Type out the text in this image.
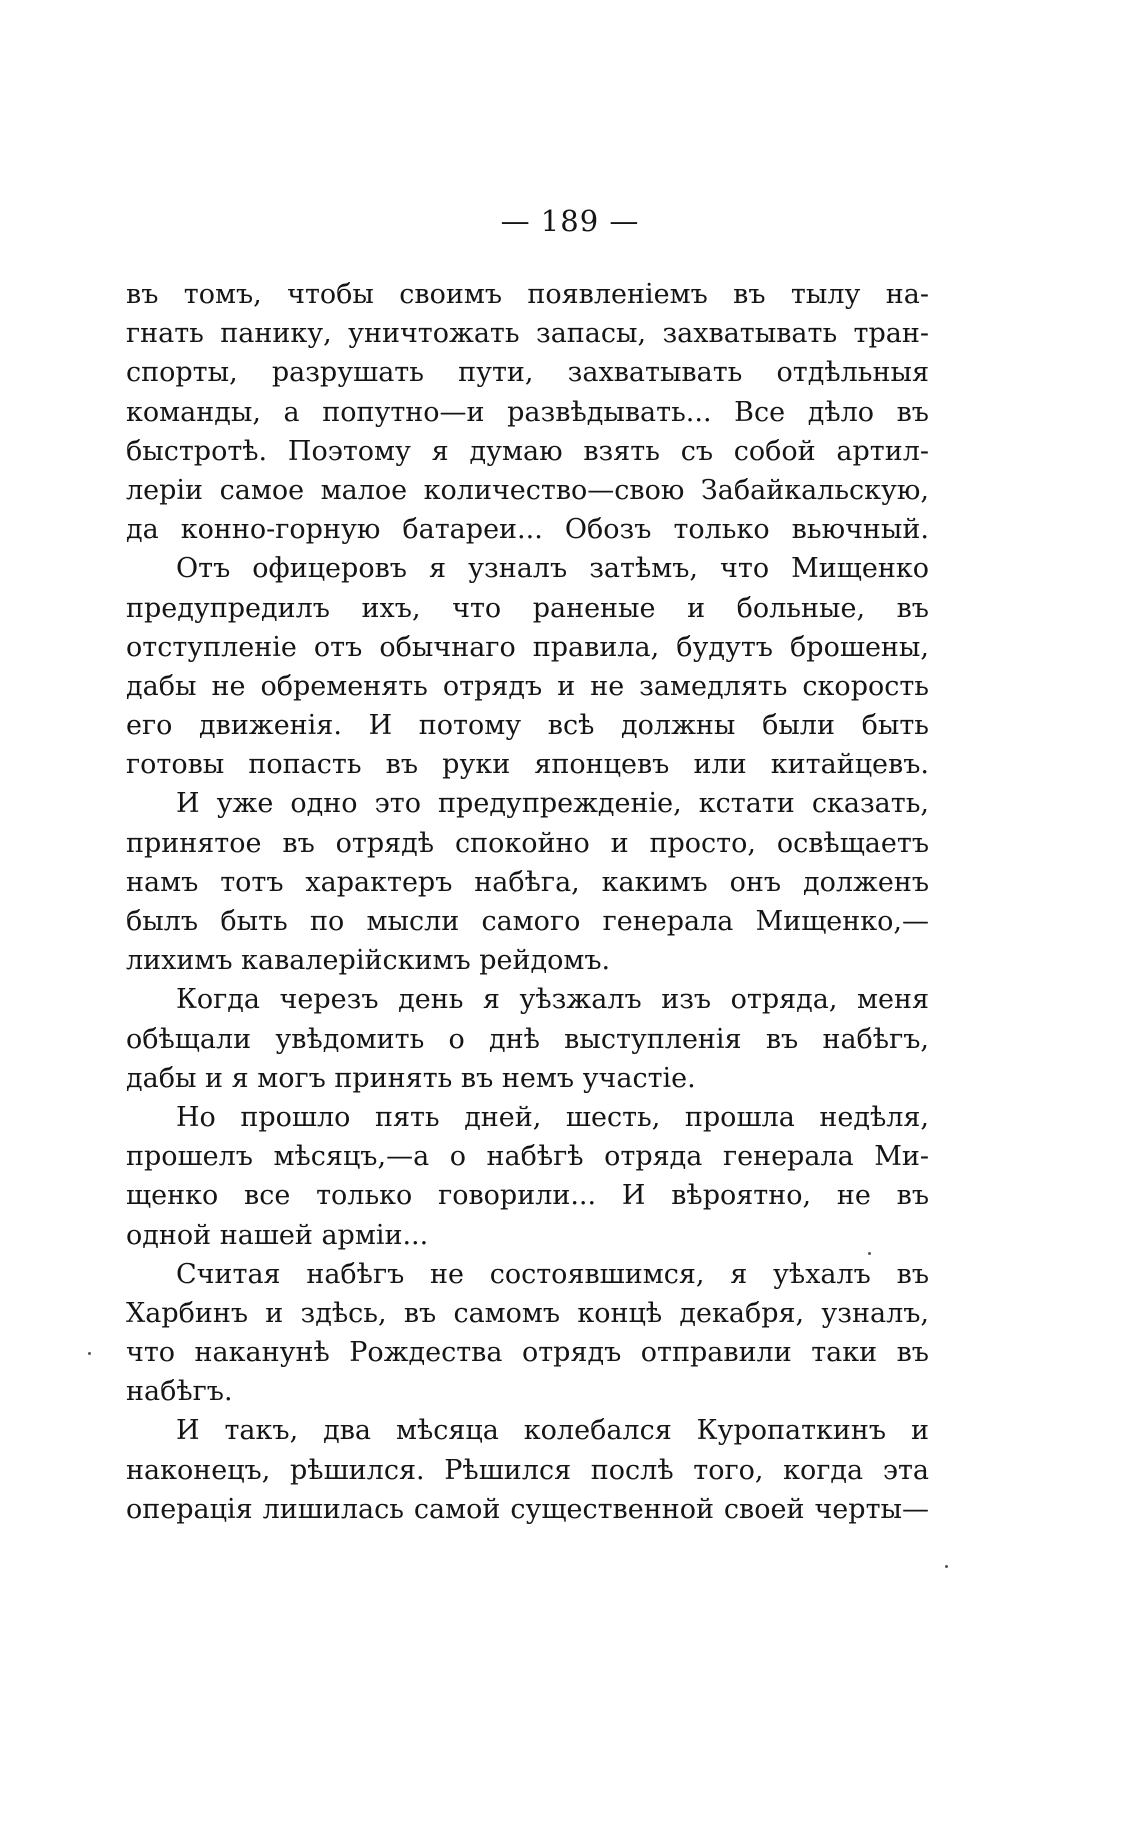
— 189 —
въ томъ, чтобы своимъ появленіемъ въ тылу на-
гнать панику, уничтожать запасы, захватывать тран-
спорты, разрушать пути, захватывать отдѣльныя
команды, а попутно—и развѣдывать... Все дѣло въ
быстротѣ. Поэтому я думаю взять съ собой артил-
леріи самое малое количество—свою Забайкальскую,
да конно-горную батареи... Обозъ только вьючный.
Отъ офицеровъ я узналъ затѣмъ, что Мищенко
предупредилъ ихъ, что раненые и больные, въ
отступленіе отъ обычнаго правила, будутъ брошены,
дабы не обременять отрядъ и не замедлять скорость
его движенія. И потому всѣ должны были быть
готовы попасть въ руки японцевъ или китайцевъ.
И уже одно это предупрежденіе, кстати сказать,
принятое въ отрядѣ спокойно и просто, освѣщаетъ
намъ тотъ характеръ набѣга, какимъ онъ долженъ
былъ быть по мысли самого генерала Мищенко,—
лихимъ кавалерійскимъ рейдомъ.
Когда черезъ день я уѣзжалъ изъ отряда, меня
обѣщали увѣдомить о днѣ выступленія въ набѣгъ,
дабы и я могъ принять въ немъ участіе.
Но прошло пять дней, шесть, прошла недѣля,
прошелъ мѣсяцъ,—а о набѣгѣ отряда генерала Ми-
щенко все только говорили... И вѣроятно, не въ
одной нашей арміи...
Считая набѣгъ не состоявшимся, я уѣхалъ въ
Харбинъ и здѣсь, въ самомъ концѣ декабря, узналъ,
что наканунѣ Рождества отрядъ отправили таки въ
набѣгъ.
И такъ, два мѣсяца колебался Куропаткинъ и
наконецъ, рѣшился. Рѣшился послѣ того, когда эта
операція лишилась самой существенной своей черты—
